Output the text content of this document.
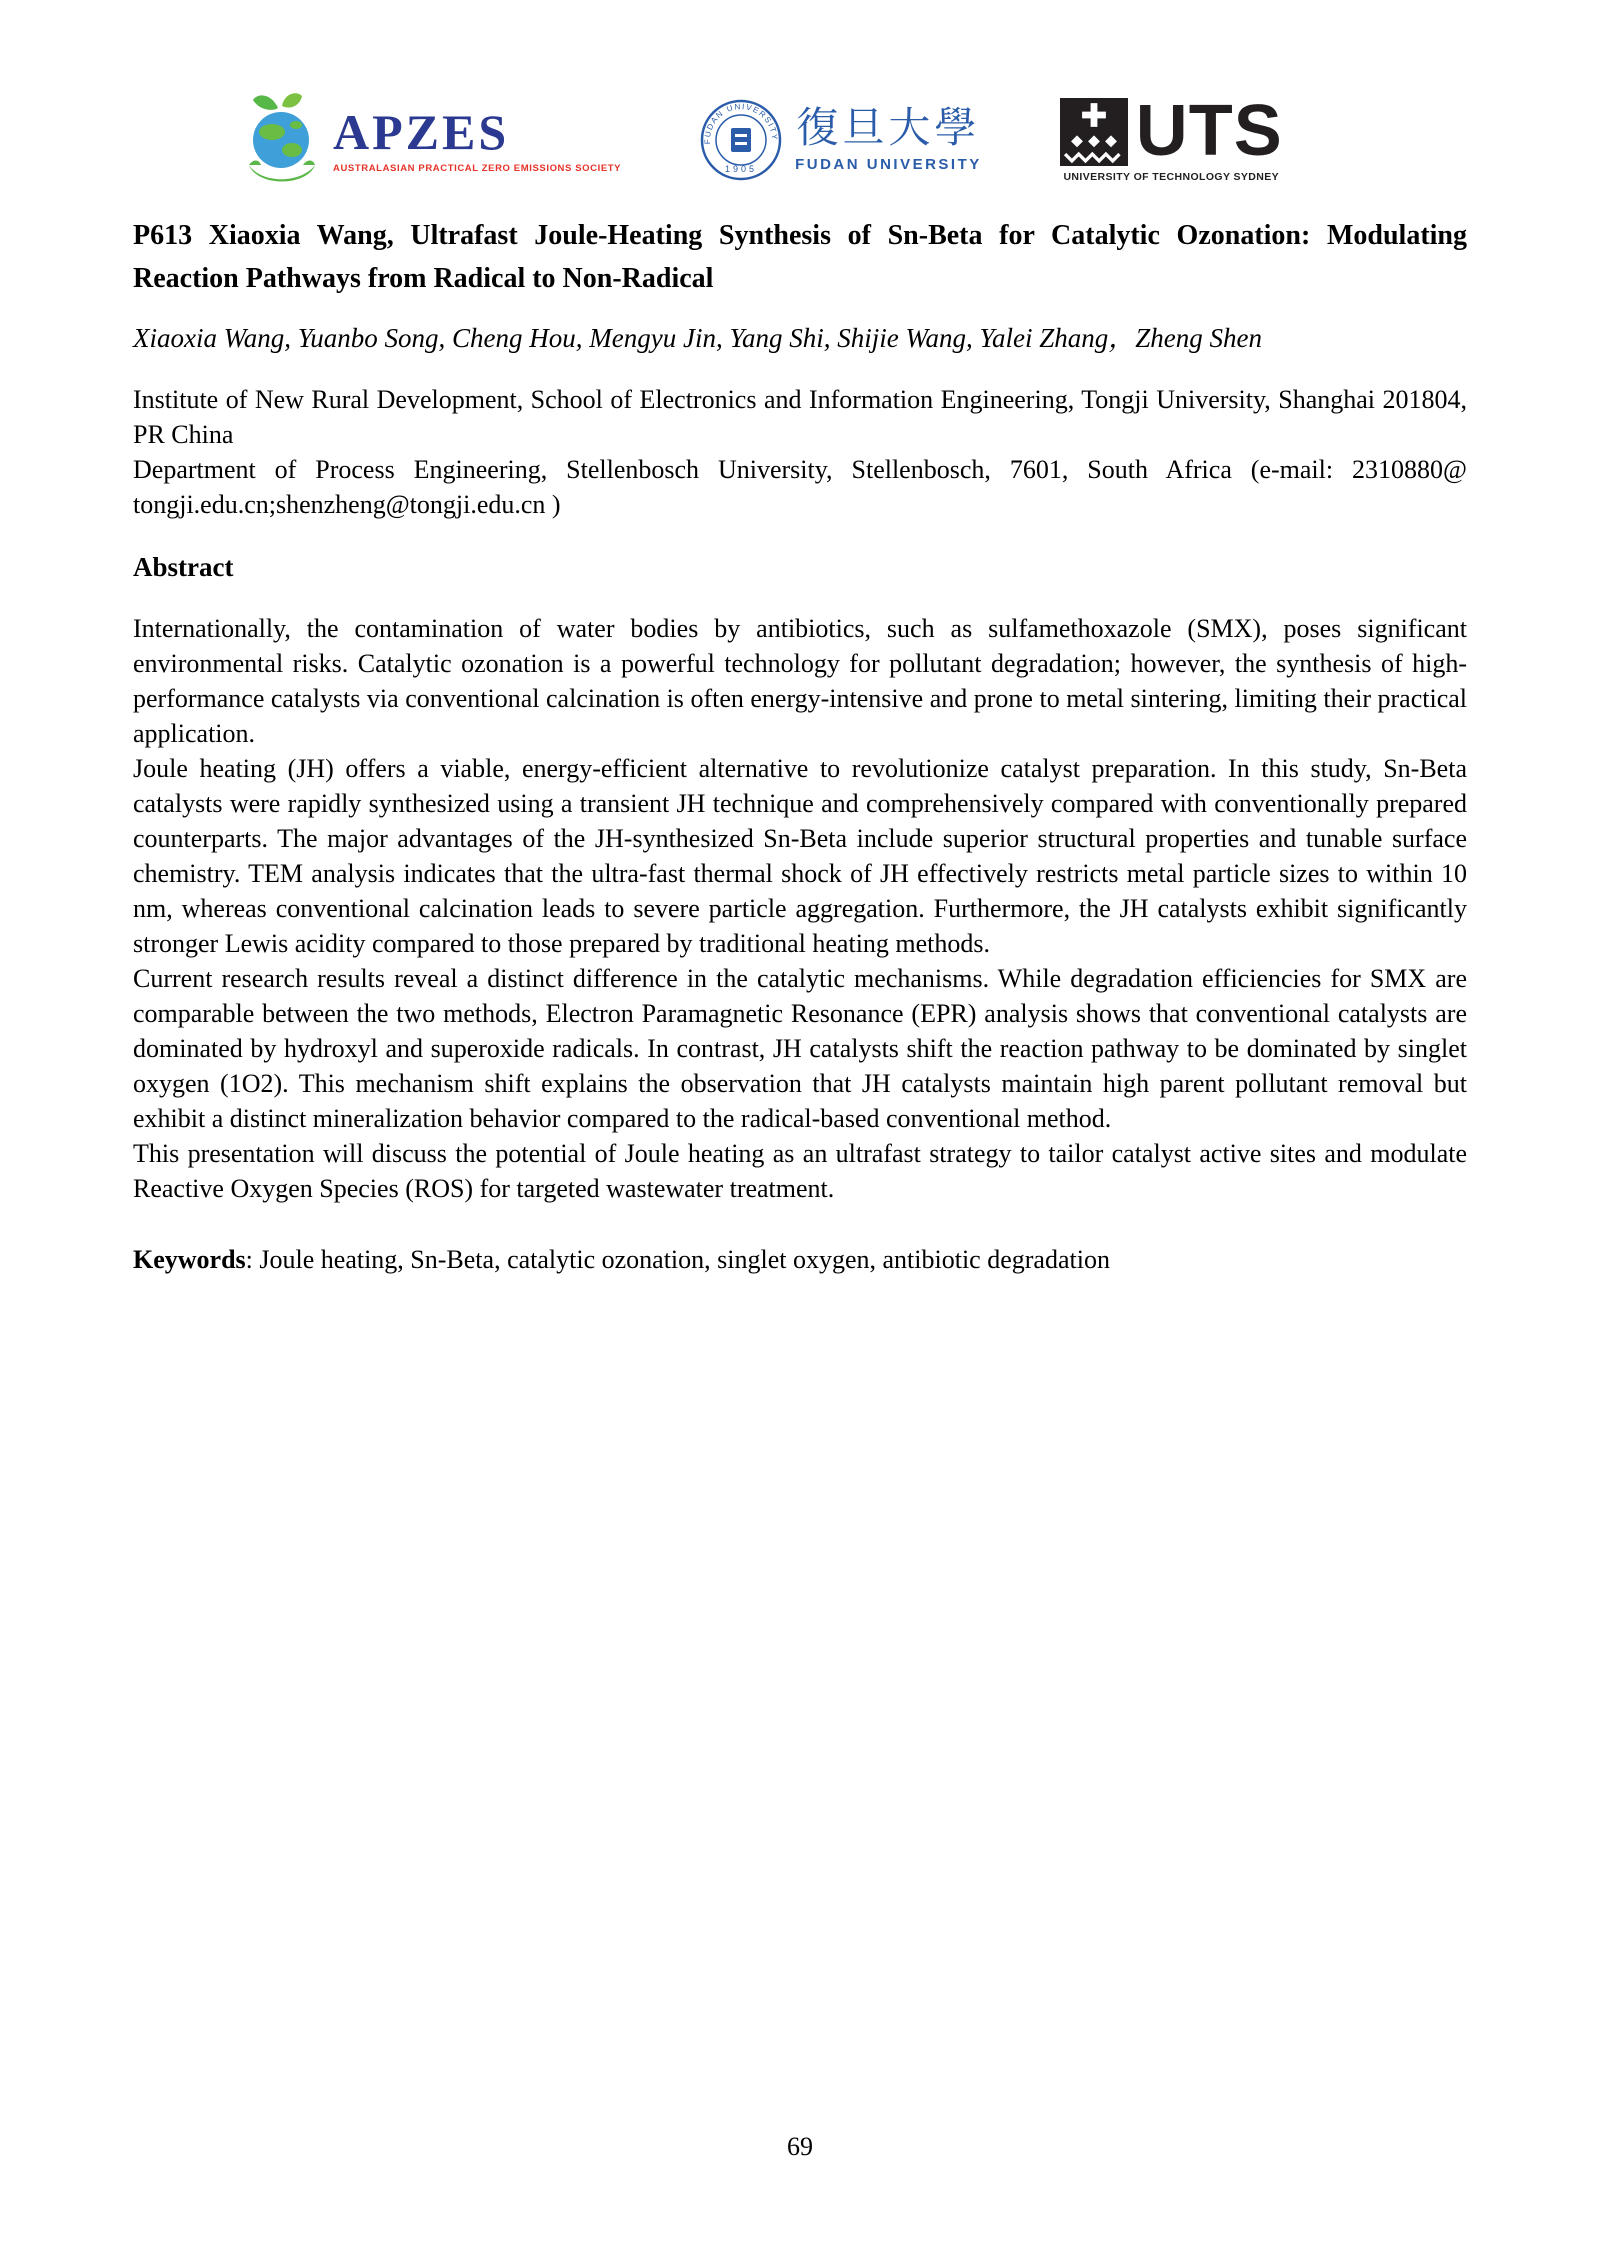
APZES
AUSTRALASIAN PRACTICAL ZERO EMISSIONS SOCIETY
FUDAN UNIVERSITY
1905
復旦大學
FUDAN UNIVERSITY UTS
UNIVERSITY OF TECHNOLOGY SYDNEY
P613 Xiaoxia Wang, Ultrafast Joule-Heating Synthesis of Sn-Beta for Catalytic Ozonation: Modulating Reaction Pathways from Radical to Non-Radical

Xiaoxia Wang, Yuanbo Song, Cheng Hou, Mengyu Jin, Yang Shi, Shijie Wang, Yalei Zhang，Zheng Shen

Institute of New Rural Development, School of Electronics and Information Engineering, Tongji University, Shanghai 201804, PR China

Department of Process Engineering, Stellenbosch University, Stellenbosch, 7601, South Africa (e-mail: 2310880@ tongji.edu.cn;shenzheng@tongji.edu.cn )

Abstract

Internationally, the contamination of water bodies by antibiotics, such as sulfamethoxazole (SMX), poses significant environmental risks. Catalytic ozonation is a powerful technology for pollutant degradation; however, the synthesis of high-performance catalysts via conventional calcination is often energy-intensive and prone to metal sintering, limiting their practical application.

Joule heating (JH) offers a viable, energy-efficient alternative to revolutionize catalyst preparation. In this study, Sn-Beta catalysts were rapidly synthesized using a transient JH technique and comprehensively compared with conventionally prepared counterparts. The major advantages of the JH-synthesized Sn-Beta include superior structural properties and tunable surface chemistry. TEM analysis indicates that the ultra-fast thermal shock of JH effectively restricts metal particle sizes to within 10 nm, whereas conventional calcination leads to severe particle aggregation. Furthermore, the JH catalysts exhibit significantly stronger Lewis acidity compared to those prepared by traditional heating methods.

Current research results reveal a distinct difference in the catalytic mechanisms. While degradation efficiencies for SMX are comparable between the two methods, Electron Paramagnetic Resonance (EPR) analysis shows that conventional catalysts are dominated by hydroxyl and superoxide radicals. In contrast, JH catalysts shift the reaction pathway to be dominated by singlet oxygen (1O2). This mechanism shift explains the observation that JH catalysts maintain high parent pollutant removal but exhibit a distinct mineralization behavior compared to the radical-based conventional method.

This presentation will discuss the potential of Joule heating as an ultrafast strategy to tailor catalyst active sites and modulate Reactive Oxygen Species (ROS) for targeted wastewater treatment.

Keywords: Joule heating, Sn-Beta, catalytic ozonation, singlet oxygen, antibiotic degradation

69
